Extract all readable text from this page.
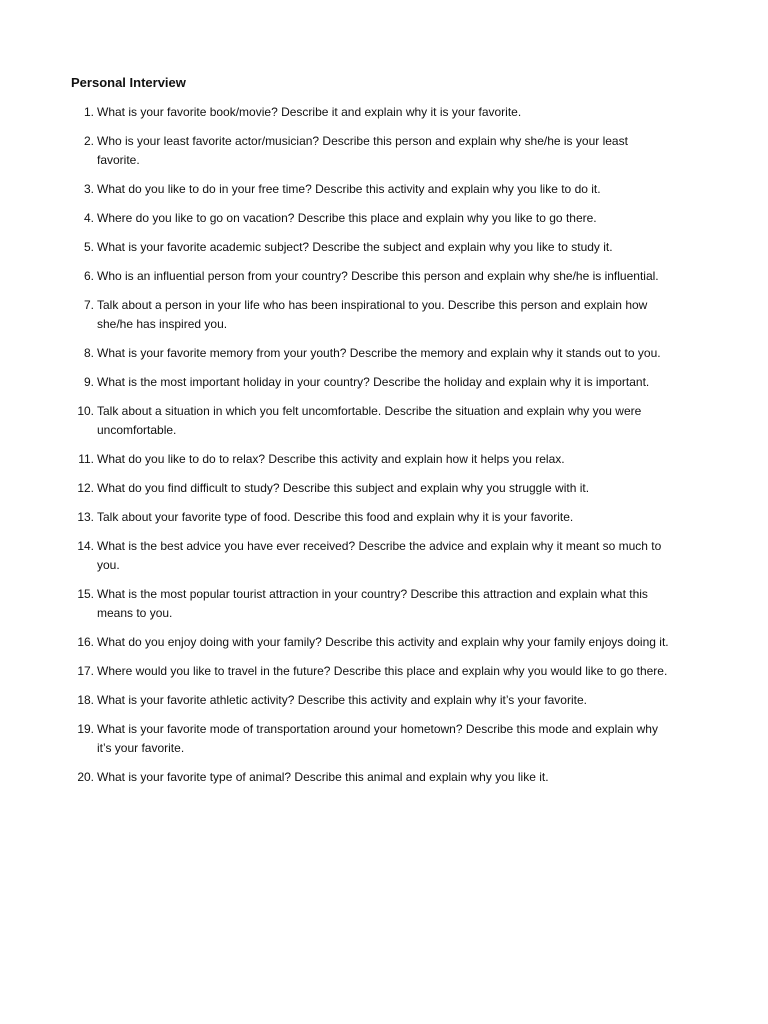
Personal Interview
1. What is your favorite book/movie? Describe it and explain why it is your favorite.
2. Who is your least favorite actor/musician? Describe this person and explain why she/he is your least favorite.
3. What do you like to do in your free time? Describe this activity and explain why you like to do it.
4. Where do you like to go on vacation? Describe this place and explain why you like to go there.
5. What is your favorite academic subject? Describe the subject and explain why you like to study it.
6. Who is an influential person from your country? Describe this person and explain why she/he is influential.
7. Talk about a person in your life who has been inspirational to you. Describe this person and explain how she/he has inspired you.
8. What is your favorite memory from your youth? Describe the memory and explain why it stands out to you.
9. What is the most important holiday in your country? Describe the holiday and explain why it is important.
10. Talk about a situation in which you felt uncomfortable. Describe the situation and explain why you were uncomfortable.
11. What do you like to do to relax? Describe this activity and explain how it helps you relax.
12. What do you find difficult to study? Describe this subject and explain why you struggle with it.
13. Talk about your favorite type of food. Describe this food and explain why it is your favorite.
14. What is the best advice you have ever received? Describe the advice and explain why it meant so much to you.
15. What is the most popular tourist attraction in your country? Describe this attraction and explain what this means to you.
16. What do you enjoy doing with your family? Describe this activity and explain why your family enjoys doing it.
17. Where would you like to travel in the future? Describe this place and explain why you would like to go there.
18. What is your favorite athletic activity? Describe this activity and explain why it’s your favorite.
19. What is your favorite mode of transportation around your hometown? Describe this mode and explain why it’s your favorite.
20. What is your favorite type of animal? Describe this animal and explain why you like it.
